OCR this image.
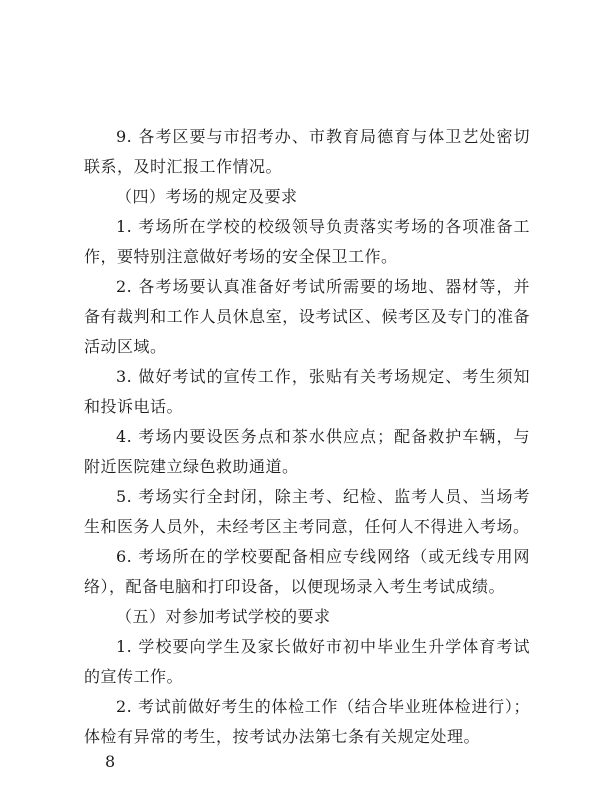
9. 各考区要与市招考办、市教育局德育与体卫艺处密切联系，及时汇报工作情况。

（四）考场的规定及要求

1. 考场所在学校的校级领导负责落实考场的各项准备工作，要特别注意做好考场的安全保卫工作。

2. 各考场要认真准备好考试所需要的场地、器材等，并备有裁判和工作人员休息室，设考试区、候考区及专门的准备活动区域。

3. 做好考试的宣传工作，张贴有关考场规定、考生须知和投诉电话。

4. 考场内要设医务点和茶水供应点；配备救护车辆，与附近医院建立绿色救助通道。

5. 考场实行全封闭，除主考、纪检、监考人员、当场考生和医务人员外，未经考区主考同意，任何人不得进入考场。

6. 考场所在的学校要配备相应专线网络（或无线专用网络），配备电脑和打印设备，以便现场录入考生考试成绩。

（五）对参加考试学校的要求

1. 学校要向学生及家长做好市初中毕业生升学体育考试的宣传工作。

2. 考试前做好考生的体检工作（结合毕业班体检进行）；体检有异常的考生，按考试办法第七条有关规定处理。

8
